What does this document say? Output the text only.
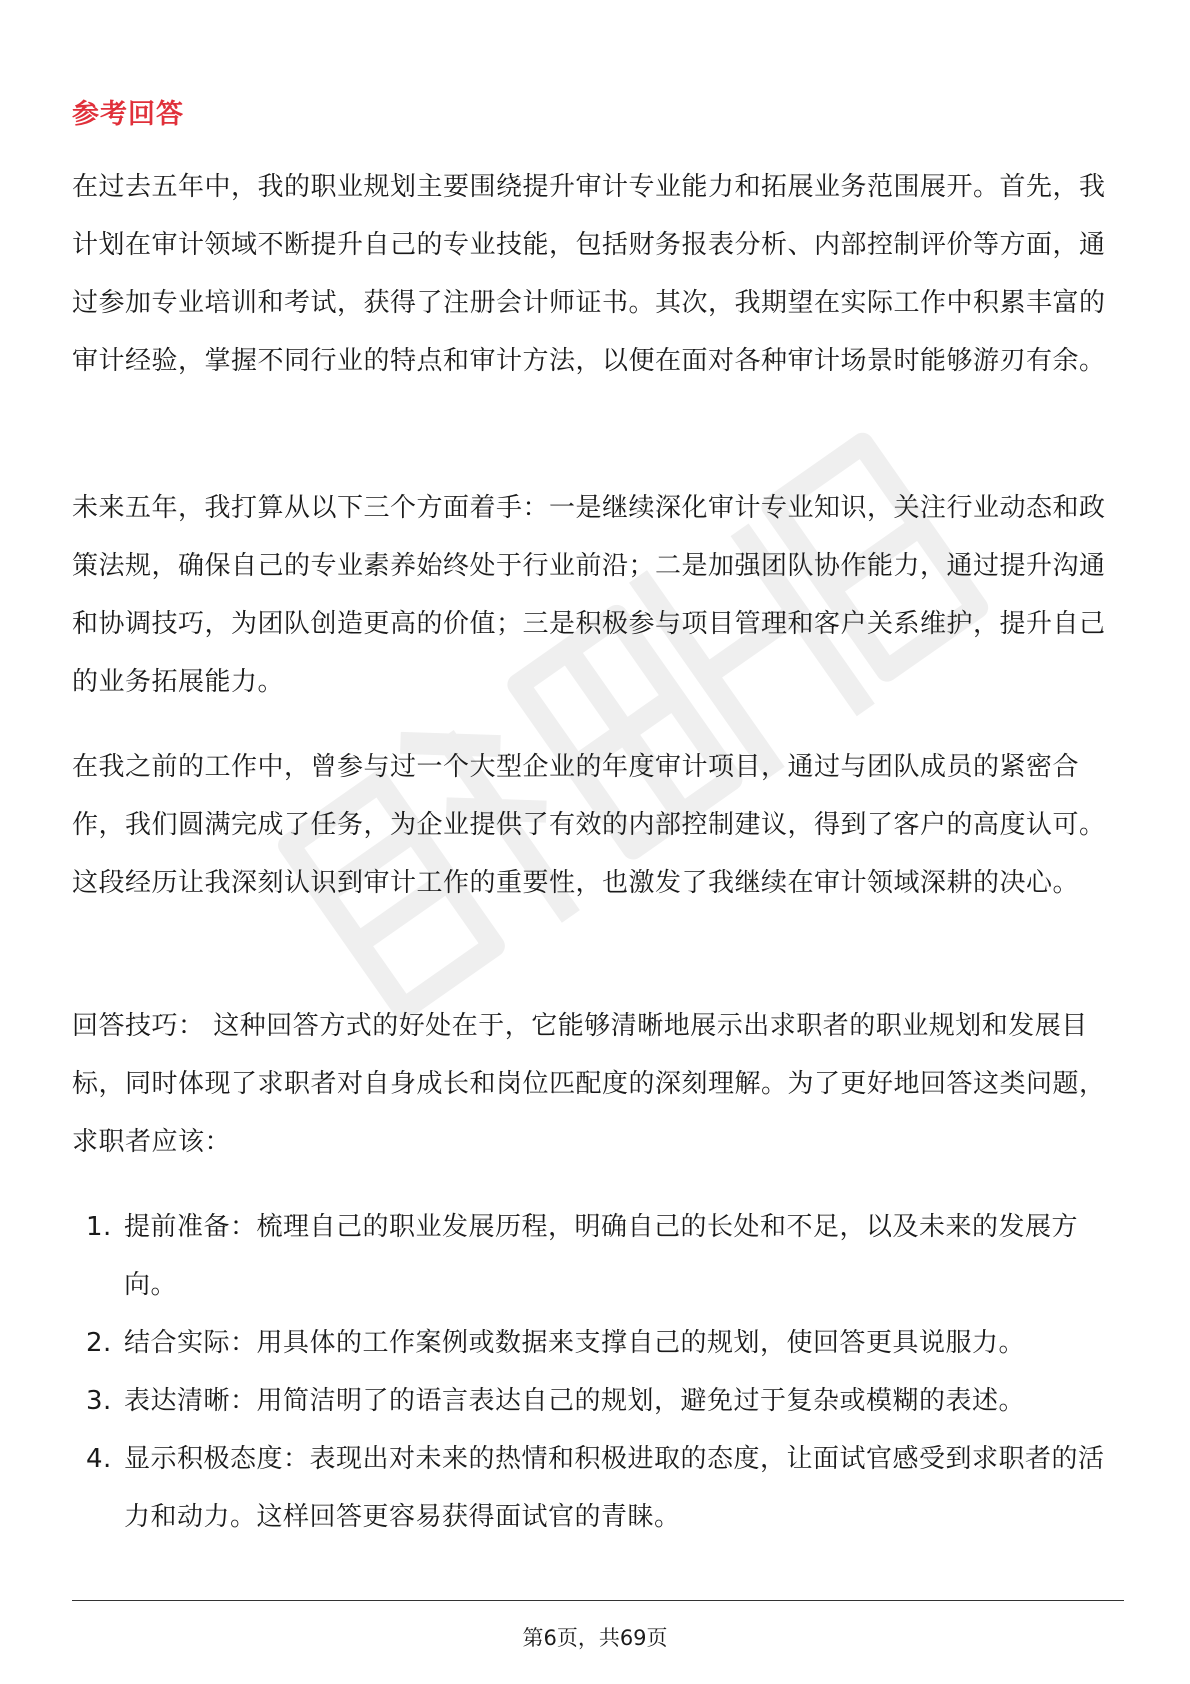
参考回答
在过去五年中，我的职业规划主要围绕提升审计专业能力和拓展业务范围展开。首先，我计划在审计领域不断提升自己的专业技能，包括财务报表分析、内部控制评价等方面，通过参加专业培训和考试，获得了注册会计师证书。其次，我期望在实际工作中积累丰富的审计经验，掌握不同行业的特点和审计方法，以便在面对各种审计场景时能够游刃有余。
未来五年，我打算从以下三个方面着手：一是继续深化审计专业知识，关注行业动态和政策法规，确保自己的专业素养始终处于行业前沿；二是加强团队协作能力，通过提升沟通和协调技巧，为团队创造更高的价值；三是积极参与项目管理和客户关系维护，提升自己的业务拓展能力。
在我之前的工作中，曾参与过一个大型企业的年度审计项目，通过与团队成员的紧密合作，我们圆满完成了任务，为企业提供了有效的内部控制建议，得到了客户的高度认可。这段经历让我深刻认识到审计工作的重要性，也激发了我继续在审计领域深耕的决心。
回答技巧： 这种回答方式的好处在于，它能够清晰地展示出求职者的职业规划和发展目标，同时体现了求职者对自身成长和岗位匹配度的深刻理解。为了更好地回答这类问题，求职者应该：
1. 提前准备：梳理自己的职业发展历程，明确自己的长处和不足，以及未来的发展方向。
2. 结合实际：用具体的工作案例或数据来支撑自己的规划，使回答更具说服力。
3. 表达清晰：用简洁明了的语言表达自己的规划，避免过于复杂或模糊的表述。
4. 显示积极态度：表现出对未来的热情和积极进取的态度，让面试官感受到求职者的活力和动力。这样回答更容易获得面试官的青睐。
第6页，共69页
